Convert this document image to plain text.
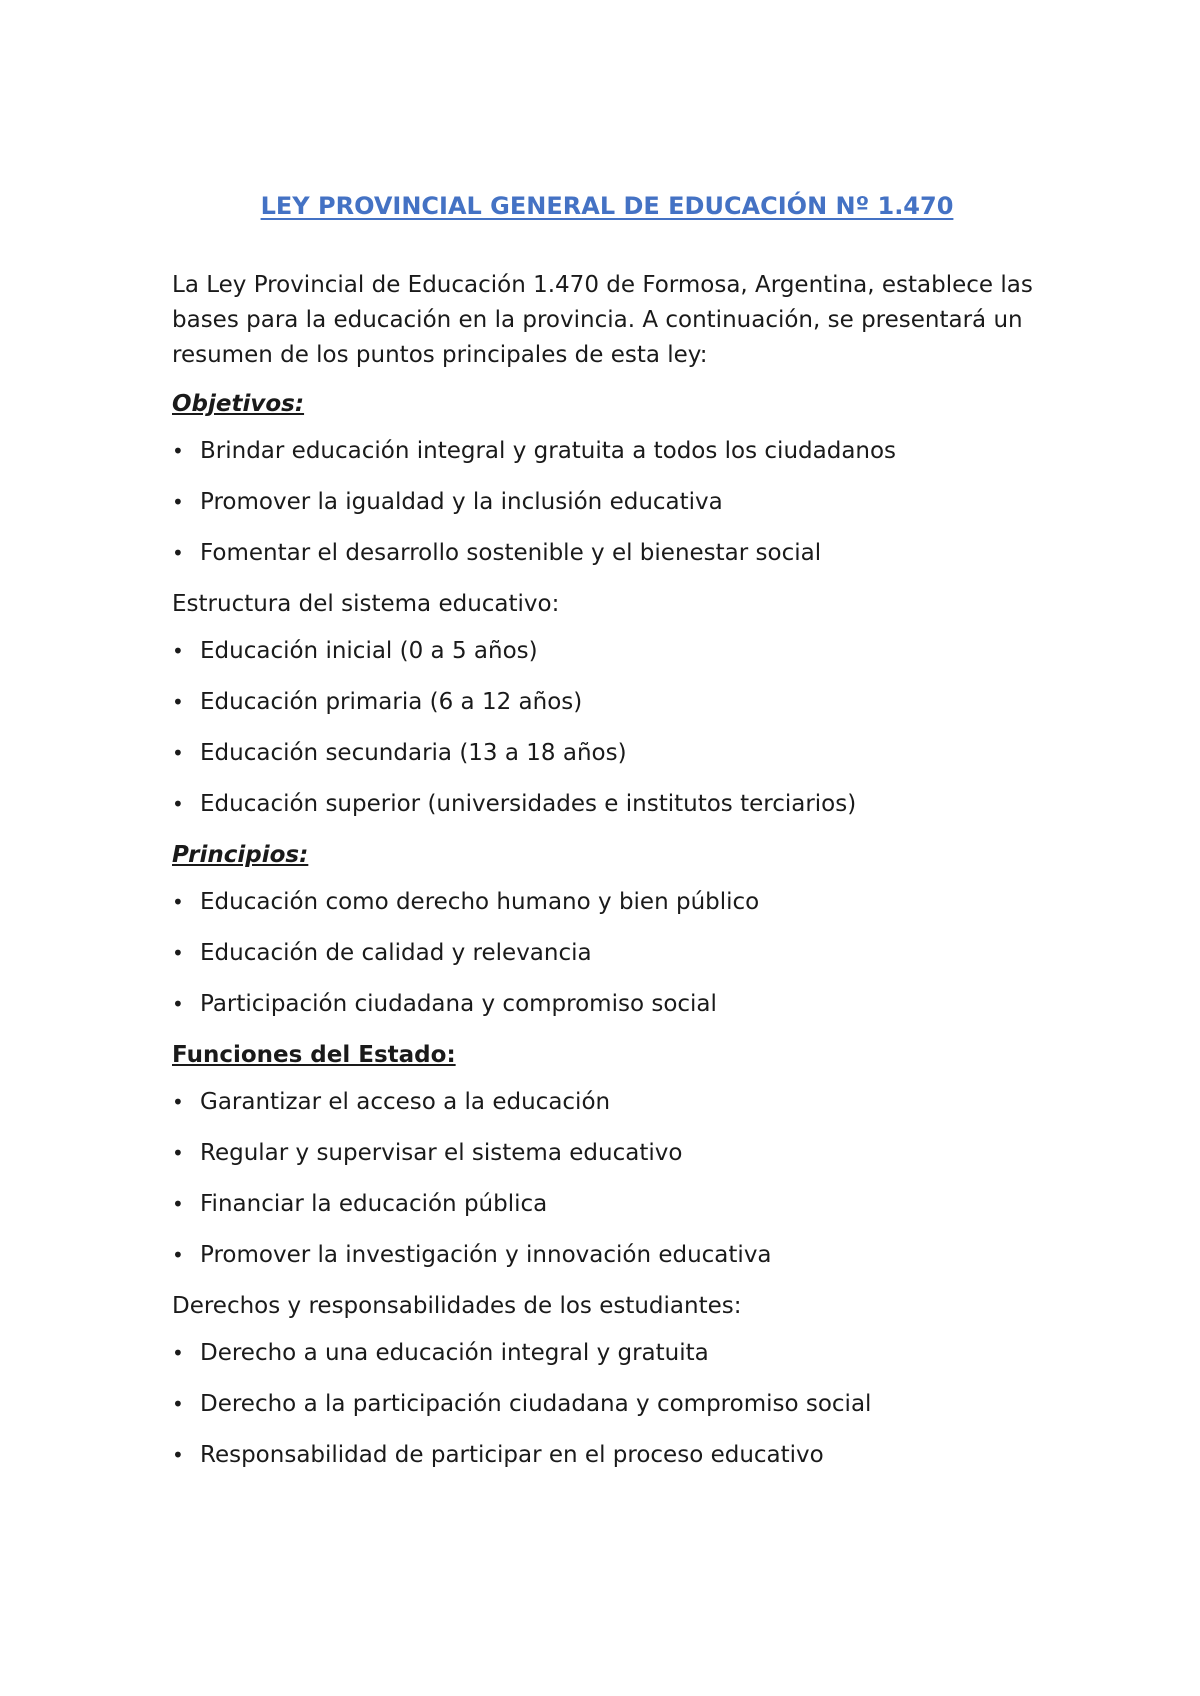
LEY PROVINCIAL GENERAL DE EDUCACIÓN Nº 1.470

La Ley Provincial de Educación 1.470 de Formosa, Argentina, establece las bases para la educación en la provincia. A continuación, se presentará un resumen de los puntos principales de esta ley:

Objetivos:
• Brindar educación integral y gratuita a todos los ciudadanos
• Promover la igualdad y la inclusión educativa
• Fomentar el desarrollo sostenible y el bienestar social
Estructura del sistema educativo:
• Educación inicial (0 a 5 años)
• Educación primaria (6 a 12 años)
• Educación secundaria (13 a 18 años)
• Educación superior (universidades e institutos terciarios)
Principios:
• Educación como derecho humano y bien público
• Educación de calidad y relevancia
• Participación ciudadana y compromiso social
Funciones del Estado:
• Garantizar el acceso a la educación
• Regular y supervisar el sistema educativo
• Financiar la educación pública
• Promover la investigación y innovación educativa
Derechos y responsabilidades de los estudiantes:
• Derecho a una educación integral y gratuita
• Derecho a la participación ciudadana y compromiso social
• Responsabilidad de participar en el proceso educativo
